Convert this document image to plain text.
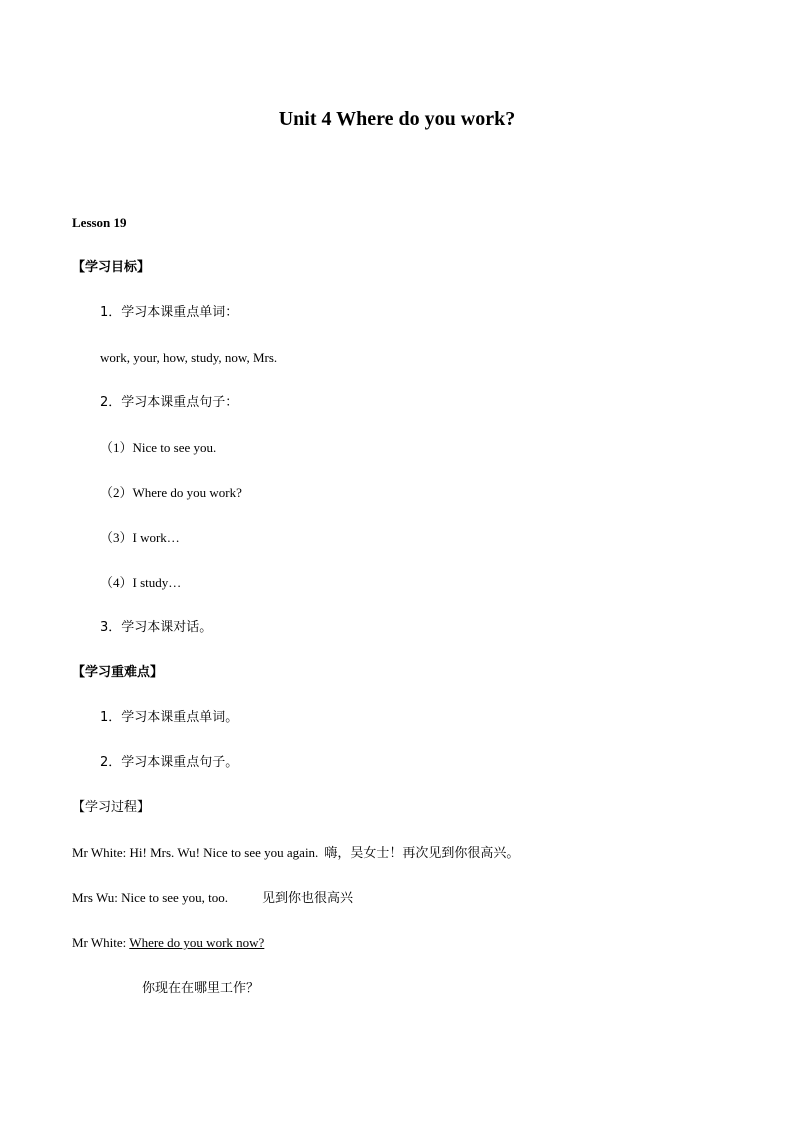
Unit 4 Where do you work?
Lesson 19
【学习目标】
1．学习本课重点单词：
work, your, how, study, now, Mrs.
2．学习本课重点句子：
（1）Nice to see you.
（2）Where do you work?
（3）I work…
（4）I study…
3．学习本课对话。
【学习重难点】
1．学习本课重点单词。
2．学习本课重点句子。
【学习过程】
Mr White: Hi! Mrs. Wu! Nice to see you again. 嗨，吴女士！再次见到你很高兴。
Mrs Wu: Nice to see you, too.	见到你也很高兴
Mr White: Where do you work now?
你现在在哪里工作？
